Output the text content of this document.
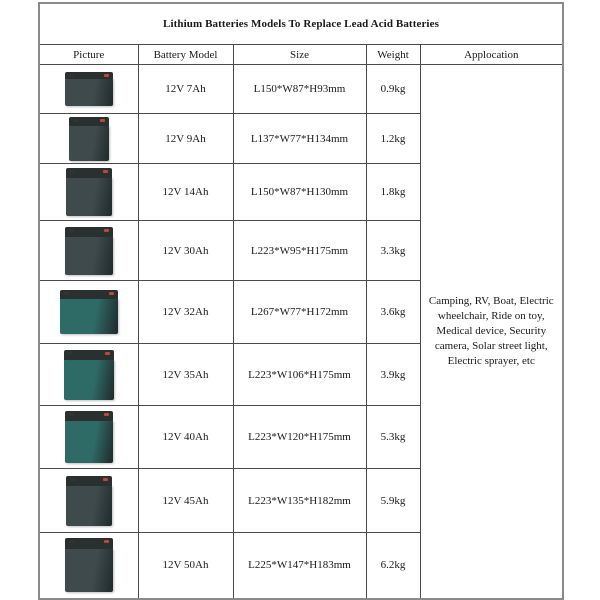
Lithium Batteries Models To Replace Lead Acid Batteries				
Picture	Battery Model	Size	Weight	Applocation

	12V 7Ah	L150*W87*H93mm	0.9kg	Camping, RV, Boat, Electric wheelchair, Ride on toy, Medical device, Security camera, Solar street light, Electric sprayer, etc

	12V 9Ah	L137*W77*H134mm	1.2kg	

	12V 14Ah	L150*W87*H130mm	1.8kg	

	12V 30Ah	L223*W95*H175mm	3.3kg	

	12V 32Ah	L267*W77*H172mm	3.6kg	

	12V 35Ah	L223*W106*H175mm	3.9kg	

	12V 40Ah	L223*W120*H175mm	5.3kg	

	12V 45Ah	L223*W135*H182mm	5.9kg	

	12V 50Ah	L225*W147*H183mm	6.2kg	
